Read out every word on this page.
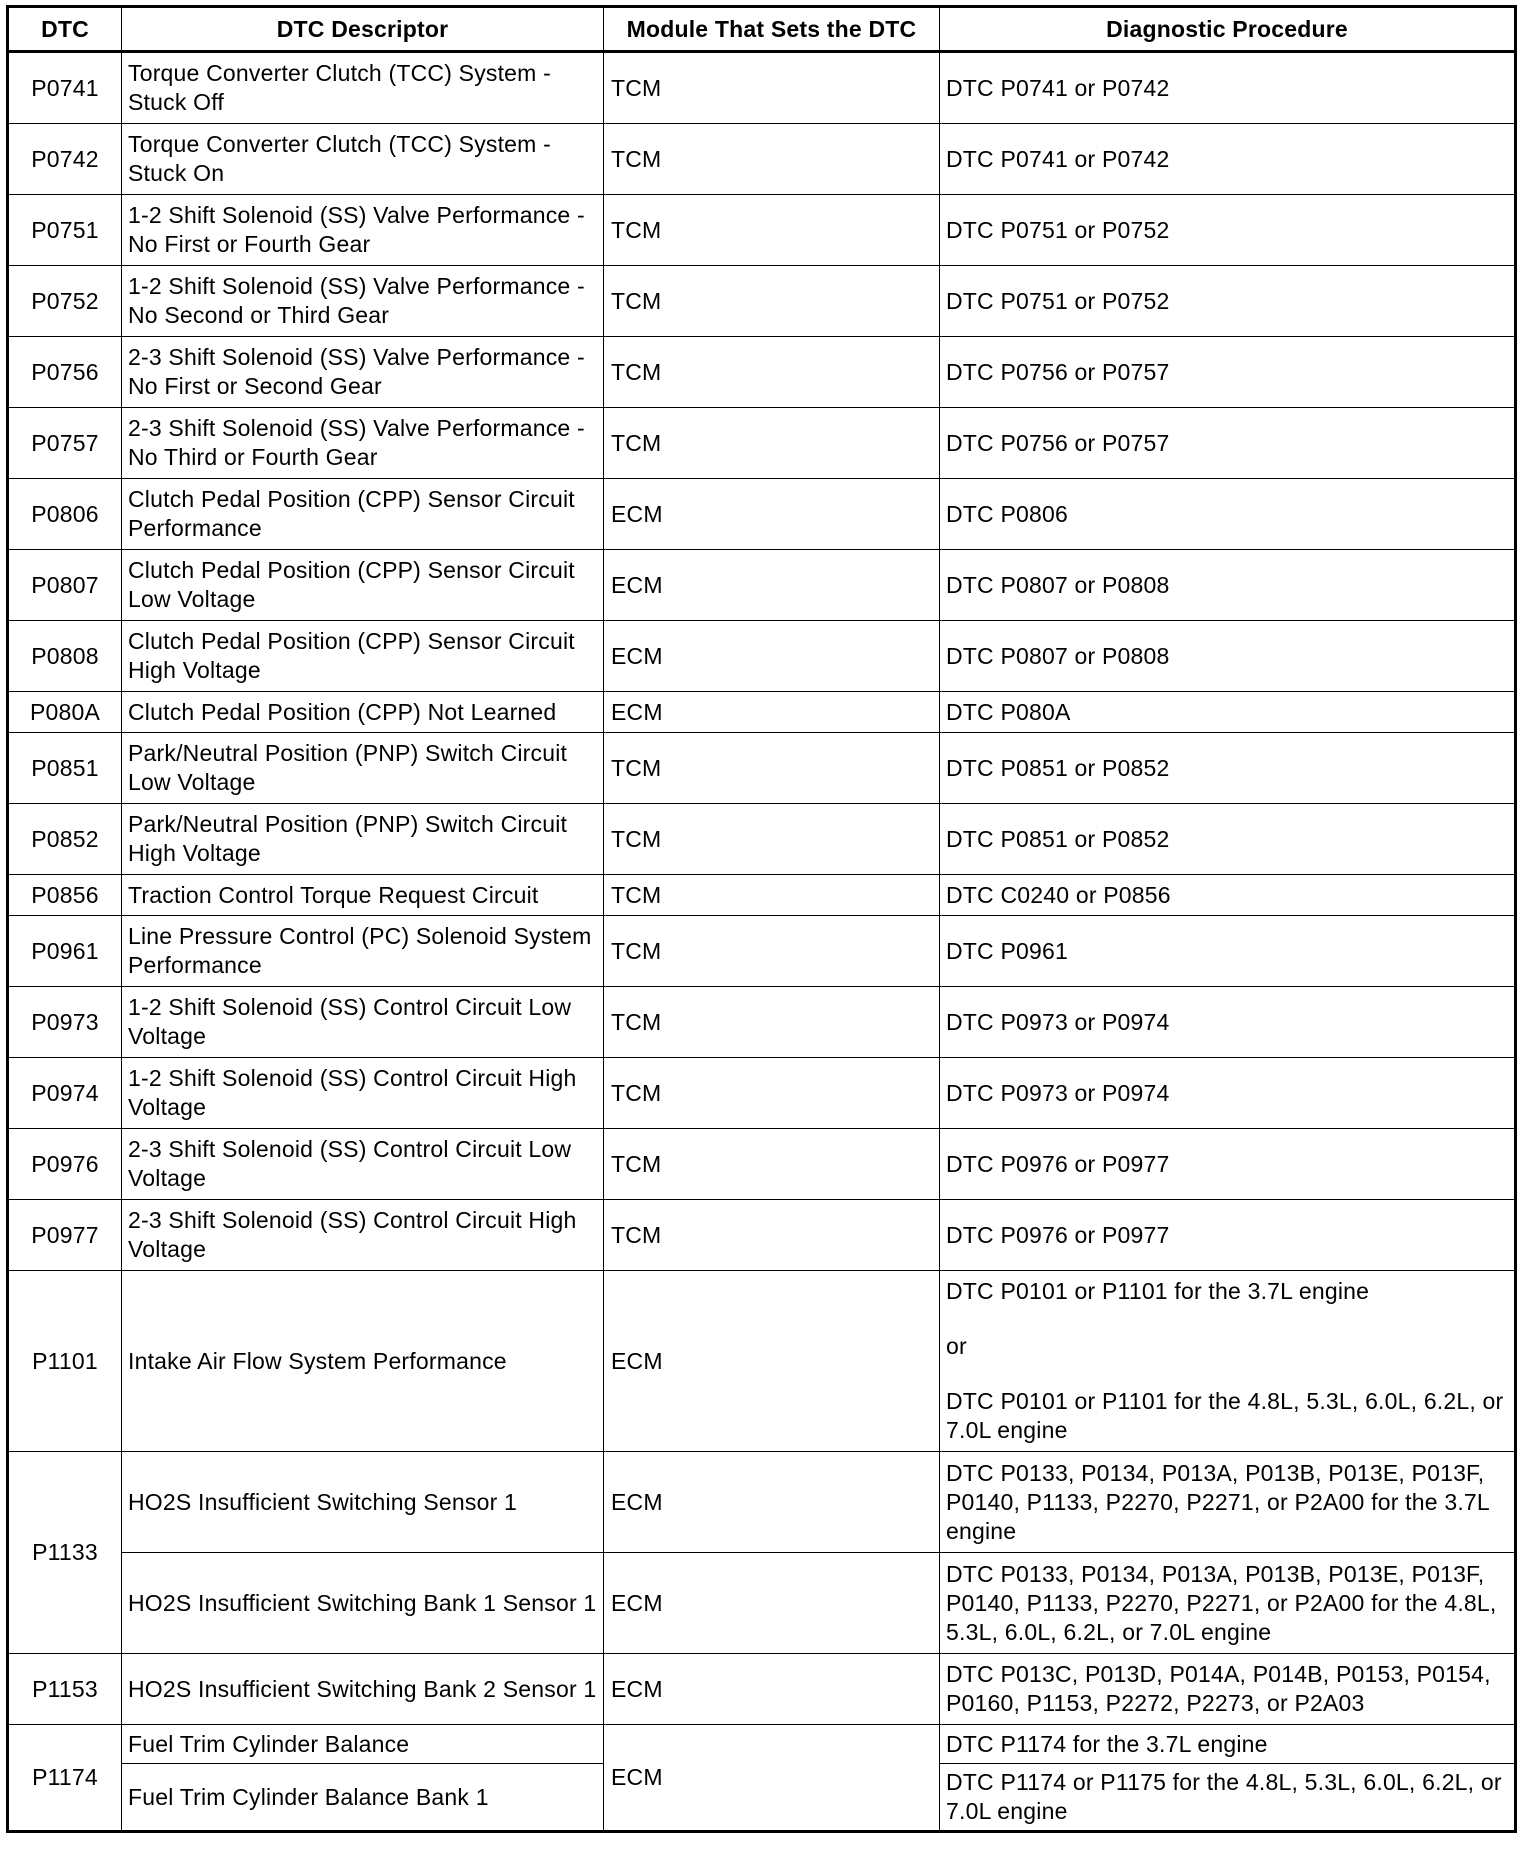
DTC	DTC Descriptor	Module That Sets the DTC	Diagnostic Procedure
P0741	Torque Converter Clutch (TCC) System - Stuck Off	TCM	DTC P0741 or P0742
P0742	Torque Converter Clutch (TCC) System - Stuck On	TCM	DTC P0741 or P0742
P0751	1-2 Shift Solenoid (SS) Valve Performance - No First or Fourth Gear	TCM	DTC P0751 or P0752
P0752	1-2 Shift Solenoid (SS) Valve Performance - No Second or Third Gear	TCM	DTC P0751 or P0752
P0756	2-3 Shift Solenoid (SS) Valve Performance - No First or Second Gear	TCM	DTC P0756 or P0757
P0757	2-3 Shift Solenoid (SS) Valve Performance - No Third or Fourth Gear	TCM	DTC P0756 or P0757
P0806	Clutch Pedal Position (CPP) Sensor Circuit Performance	ECM	DTC P0806
P0807	Clutch Pedal Position (CPP) Sensor Circuit Low Voltage	ECM	DTC P0807 or P0808
P0808	Clutch Pedal Position (CPP) Sensor Circuit High Voltage	ECM	DTC P0807 or P0808
P080A	Clutch Pedal Position (CPP) Not Learned	ECM	DTC P080A
P0851	Park/Neutral Position (PNP) Switch Circuit Low Voltage	TCM	DTC P0851 or P0852
P0852	Park/Neutral Position (PNP) Switch Circuit High Voltage	TCM	DTC P0851 or P0852
P0856	Traction Control Torque Request Circuit	TCM	DTC C0240 or P0856
P0961	Line Pressure Control (PC) Solenoid System Performance	TCM	DTC P0961
P0973	1-2 Shift Solenoid (SS) Control Circuit Low Voltage	TCM	DTC P0973 or P0974
P0974	1-2 Shift Solenoid (SS) Control Circuit High Voltage	TCM	DTC P0973 or P0974
P0976	2-3 Shift Solenoid (SS) Control Circuit Low Voltage	TCM	DTC P0976 or P0977
P0977	2-3 Shift Solenoid (SS) Control Circuit High Voltage	TCM	DTC P0976 or P0977
P1101	Intake Air Flow System Performance	ECM	DTC P0101 or P1101 for the 3.7L engine
or
DTC P0101 or P1101 for the 4.8L, 5.3L, 6.0L, 6.2L, or 7.0L engine
P1133	HO2S Insufficient Switching Sensor 1	ECM	DTC P0133, P0134, P013A, P013B, P013E, P013F, P0140, P1133, P2270, P2271, or P2A00 for the 3.7L engine
	HO2S Insufficient Switching Bank 1 Sensor 1	ECM	DTC P0133, P0134, P013A, P013B, P013E, P013F, P0140, P1133, P2270, P2271, or P2A00 for the 4.8L, 5.3L, 6.0L, 6.2L, or 7.0L engine
P1153	HO2S Insufficient Switching Bank 2 Sensor 1	ECM	DTC P013C, P013D, P014A, P014B, P0153, P0154, P0160, P1153, P2272, P2273, or P2A03
P1174	Fuel Trim Cylinder Balance	ECM	DTC P1174 for the 3.7L engine
	Fuel Trim Cylinder Balance Bank 1		DTC P1174 or P1175 for the 4.8L, 5.3L, 6.0L, 6.2L, or 7.0L engine
